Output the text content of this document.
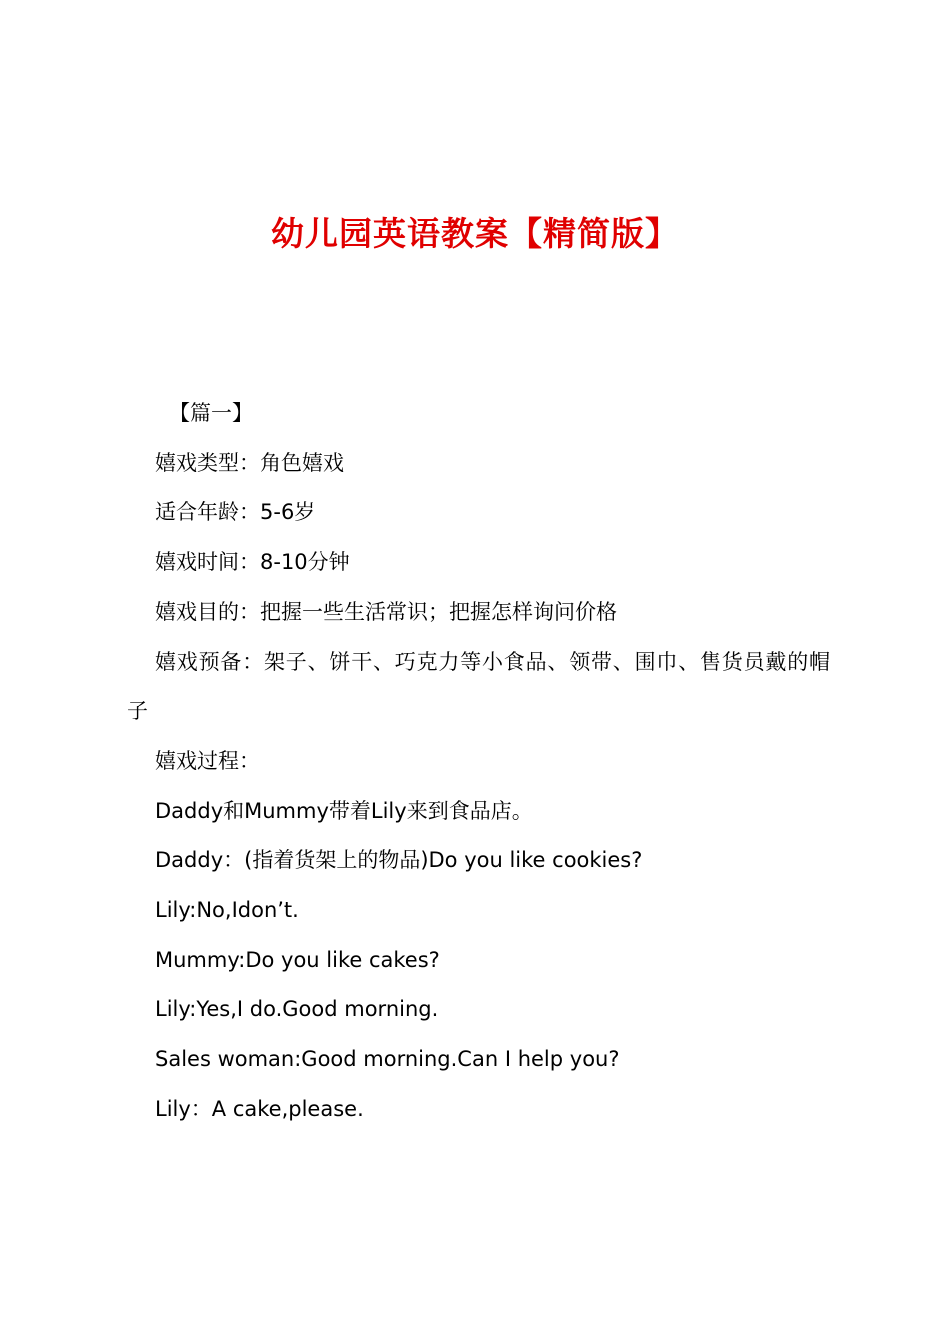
幼儿园英语教案【精简版】

【篇一】

嬉戏类型：角色嬉戏

适合年龄：5-6岁

嬉戏时间：8-10分钟

嬉戏目的：把握一些生活常识；把握怎样询问价格

嬉戏预备：架子、饼干、巧克力等小食品、领带、围巾、售货员戴的帽子

嬉戏过程：

Daddy和Mummy带着Lily来到食品店。

Daddy：(指着货架上的物品)Do you like cookies?

Lily:No,Idon’t.

Mummy:Do you like cakes?

Lily:Yes,I do.Good morning.

Sales woman:Good morning.Can I help you?

Lily：A cake,please.
